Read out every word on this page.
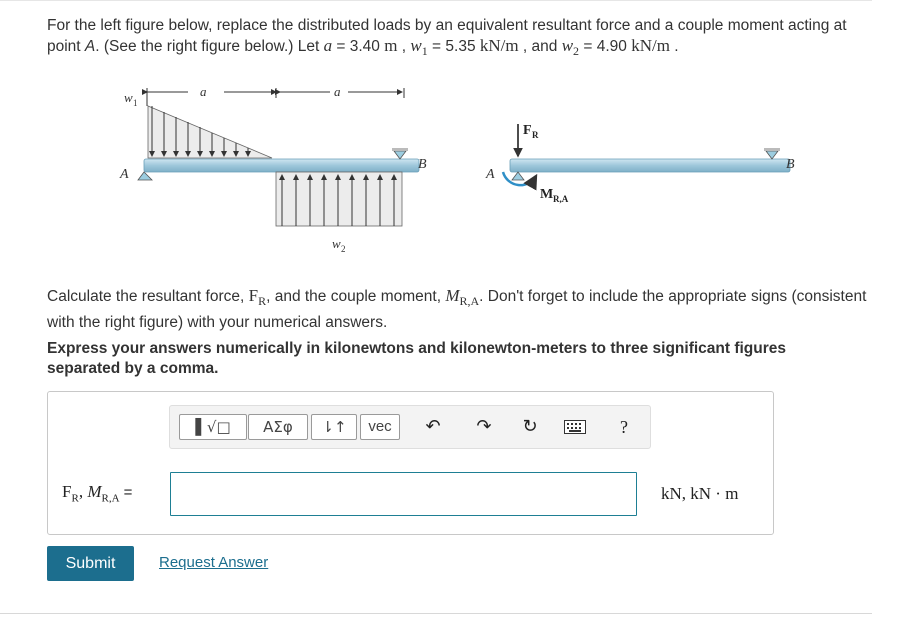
For the left figure below, replace the distributed loads by an equivalent resultant force and a couple moment acting at point A. (See the right figure below.) Let a = 3.40 m , $w_1 = 5.35$ kN/m , and $w_2 = 4.90$ kN/m .
w 1
a	a
A
B
w 2
F R
A
M R,A
B
Calculate the resultant force, $F_R$, and the couple moment, $M_{R,A}$. Don't forget to include the appropriate signs (consistent with the right figure) with your numerical answers.
Express your answers numerically in kilonewtons and kilonewton-meters to three significant figures separated by a comma.
▌√□	ΑΣφ	⇂↑	vec	↶ ↷ ↻	?
$F_R$, $M_{R,A}$ =	kN, kN · m
Submit	Request Answer
